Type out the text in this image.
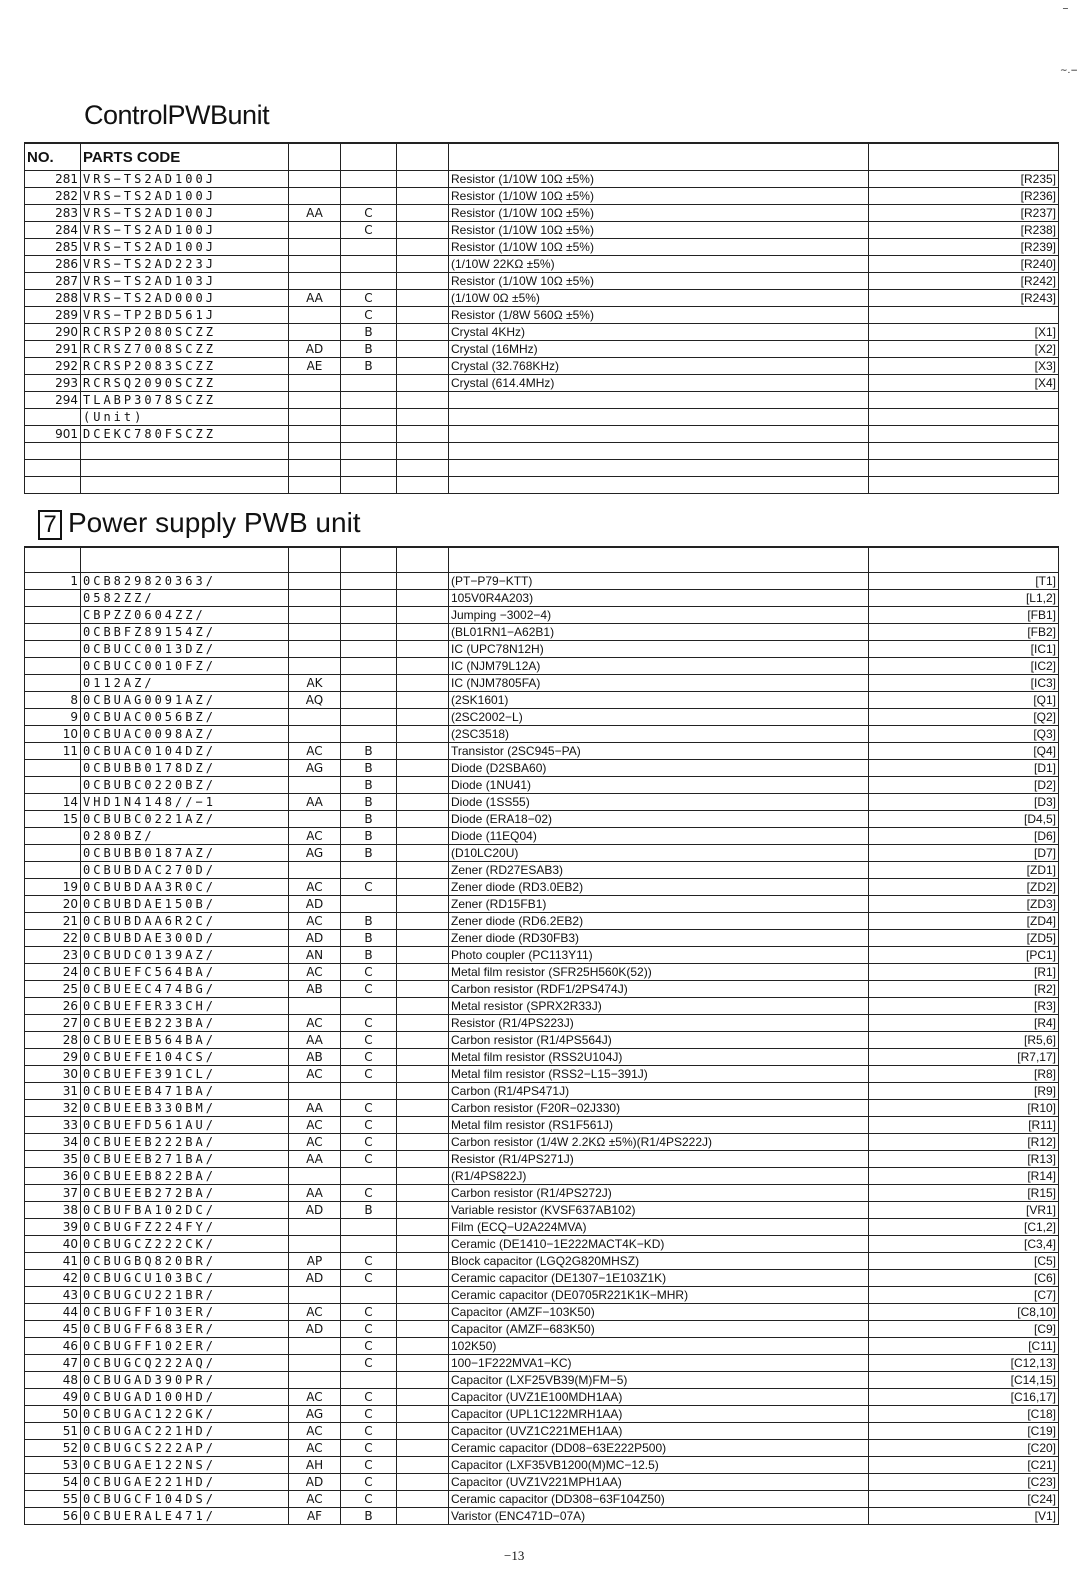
ControlPWBunit
NO.	PARTS CODE					
281	VRS−TS2AD100J				Resistor (1/10W 10Ω ±5%)	[R235]
282	VRS−TS2AD100J				Resistor (1/10W 10Ω ±5%)	[R236]
283	VRS−TS2AD100J	AA	C		Resistor (1/10W 10Ω ±5%)	[R237]
284	VRS−TS2AD100J		C		Resistor (1/10W 10Ω ±5%)	[R238]
285	VRS−TS2AD100J				Resistor (1/10W 10Ω ±5%)	[R239]
286	VRS−TS2AD223J				(1/10W 22KΩ ±5%)	[R240]
287	VRS−TS2AD103J				Resistor (1/10W 10Ω ±5%)	[R242]
288	VRS−TS2AD000J	AA	C		(1/10W 0Ω ±5%)	[R243]
289	VRS−TP2BD561J		C		Resistor (1/8W 560Ω ±5%)	
290	RCRSP2080SCZZ		B		Crystal 4KHz)	[X1]
291	RCRSZ7008SCZZ	AD	B		Crystal (16MHz)	[X2]
292	RCRSP2083SCZZ	AE	B		Crystal (32.768KHz)	[X3]
293	RCRSQ2090SCZZ				Crystal (614.4MHz)	[X4]
294	TLABP3078SCZZ					
	(Unit)					
901	DCEKC780FSCZZ					

7 Power supply PWB unit

	1	0CB829820363/				(PT−P79−KTT)	[T1]

		0582ZZ/				105V0R4A203)	[L1,2]
		CBPZZ0604ZZ/				Jumping −3002−4)	[FB1]
		0CBBFZ89154Z/				(BL01RN1−A62B1)	[FB2]
		0CBUCC0013DZ/				IC (UPC78N12H)	[IC1]
		0CBUCC0010FZ/				IC (NJM79L12A)	[IC2]
		0112AZ/	AK			IC (NJM7805FA)	[IC3]

	8	0CBUAG0091AZ/	AQ			(2SK1601)	[Q1]
	9	0CBUAC0056BZ/				(2SC2002−L)	[Q2]
	10	0CBUAC0098AZ/				(2SC3518)	[Q3]
	11	0CBUAC0104DZ/	AC	B		Transistor (2SC945−PA)	[Q4]

		0CBUBB0178DZ/	AG	B		Diode (D2SBA60)	[D1]
		0CBUBC0220BZ/		B		Diode (1NU41)	[D2]
	14	VHD1N4148//−1	AA	B		Diode (1SS55)	[D3]
	15	0CBUBC0221AZ/		B		Diode (ERA18−02)	[D4,5]
		0280BZ/	AC	B		Diode (11EQ04)	[D6]
		0CBUBB0187AZ/	AG	B		(D10LC20U)	[D7]
		0CBUBDAC270D/				Zener (RD27ESAB3)	[ZD1]
	19	0CBUBDAA3R0C/	AC	C		Zener diode (RD3.0EB2)	[ZD2]
	20	0CBUBDAE150B/	AD			Zener (RD15FB1)	[ZD3]
	21	0CBUBDAA6R2C/	AC	B		Zener diode (RD6.2EB2)	[ZD4]
	22	0CBUBDAE300D/	AD	B		Zener diode (RD30FB3)	[ZD5]

	23	0CBUDC0139AZ/	AN	B		Photo coupler (PC113Y11)	[PC1]
	24	0CBUEFC564BA/	AC	C		Metal film resistor (SFR25H560K(52))	[R1]
	25	0CBUEEC474BG/	AB	C		Carbon resistor (RDF1/2PS474J)	[R2]
	26	0CBUEFER33CH/				Metal resistor (SPRX2R33J)	[R3]
	27	0CBUEEB223BA/	AC	C		Resistor (R1/4PS223J)	[R4]
	28	0CBUEEB564BA/	AA	C		Carbon resistor (R1/4PS564J)	[R5,6]
	29	0CBUEFE104CS/	AB	C		Metal film resistor (RSS2U104J)	[R7,17]
	30	0CBUEFE391CL/	AC	C		Metal film resistor (RSS2−L15−391J)	[R8]
	31	0CBUEEB471BA/				Carbon (R1/4PS471J)	[R9]
	32	0CBUEEB330BM/	AA	C		Carbon resistor (F20R−02J330)	[R10]
	33	0CBUEFD561AU/	AC	C		Metal film resistor (RS1F561J)	[R11]
	34	0CBUEEB222BA/	AC	C		Carbon resistor (1/4W 2.2KΩ ±5%)(R1/4PS222J)	[R12]
	35	0CBUEEB271BA/	AA	C		Resistor (R1/4PS271J)	[R13]
	36	0CBUEEB822BA/				(R1/4PS822J)	[R14]
	37	0CBUEEB272BA/	AA	C		Carbon resistor (R1/4PS272J)	[R15]
	38	0CBUFBA102DC/	AD	B		Variable resistor (KVSF637AB102)	[VR1]

	39	0CBUGFZ224FY/				Film (ECQ−U2A224MVA)	[C1,2]

	40	0CBUGCZ222CK/				Ceramic (DE1410−1E222MACT4K−KD)	[C3,4]

	41	0CBUGBQ820BR/	AP	C		Block capacitor (LGQ2G820MHSZ)	[C5]
	42	0CBUGCU103BC/	AD	C		Ceramic capacitor (DE1307−1E103Z1K)	[C6]
	43	0CBUGCU221BR/				Ceramic capacitor (DE0705R221K1K−MHR)	[C7]
	44	0CBUGFF103ER/	AC	C		Capacitor (AMZF−103K50)	[C8,10]
	45	0CBUGFF683ER/	AD	C		Capacitor (AMZF−683K50)	[C9]
	46	0CBUGFF102ER/		C		102K50)	[C11]

	47	0CBUGCQ222AQ/		C		100−1F222MVA1−KC)	[C12,13]
	48	0CBUGAD390PR/				Capacitor (LXF25VB39(M)FM−5)	[C14,15]
	49	0CBUGAD100HD/	AC	C		Capacitor (UVZ1E100MDH1AA)	[C16,17]
	50	0CBUGAC122GK/	AG	C		Capacitor (UPL1C122MRH1AA)	[C18]
	51	0CBUGAC221HD/	AC	C		Capacitor (UVZ1C221MEH1AA)	[C19]
	52	0CBUGCS222AP/	AC	C		Ceramic capacitor (DD08−63E222P500)	[C20]
	53	0CBUGAE122NS/	AH	C		Capacitor (LXF35VB1200(M)MC−12.5)	[C21]
	54	0CBUGAE221HD/	AD	C		Capacitor (UVZ1V221MPH1AA)	[C23]
	55	0CBUGCF104DS/	AC	C		Ceramic capacitor (DD308−63F104Z50)	[C24]

	56	0CBUERALE471/	AF	B		Varistor (ENC471D−07A)	[V1]
−13
−
~.−
